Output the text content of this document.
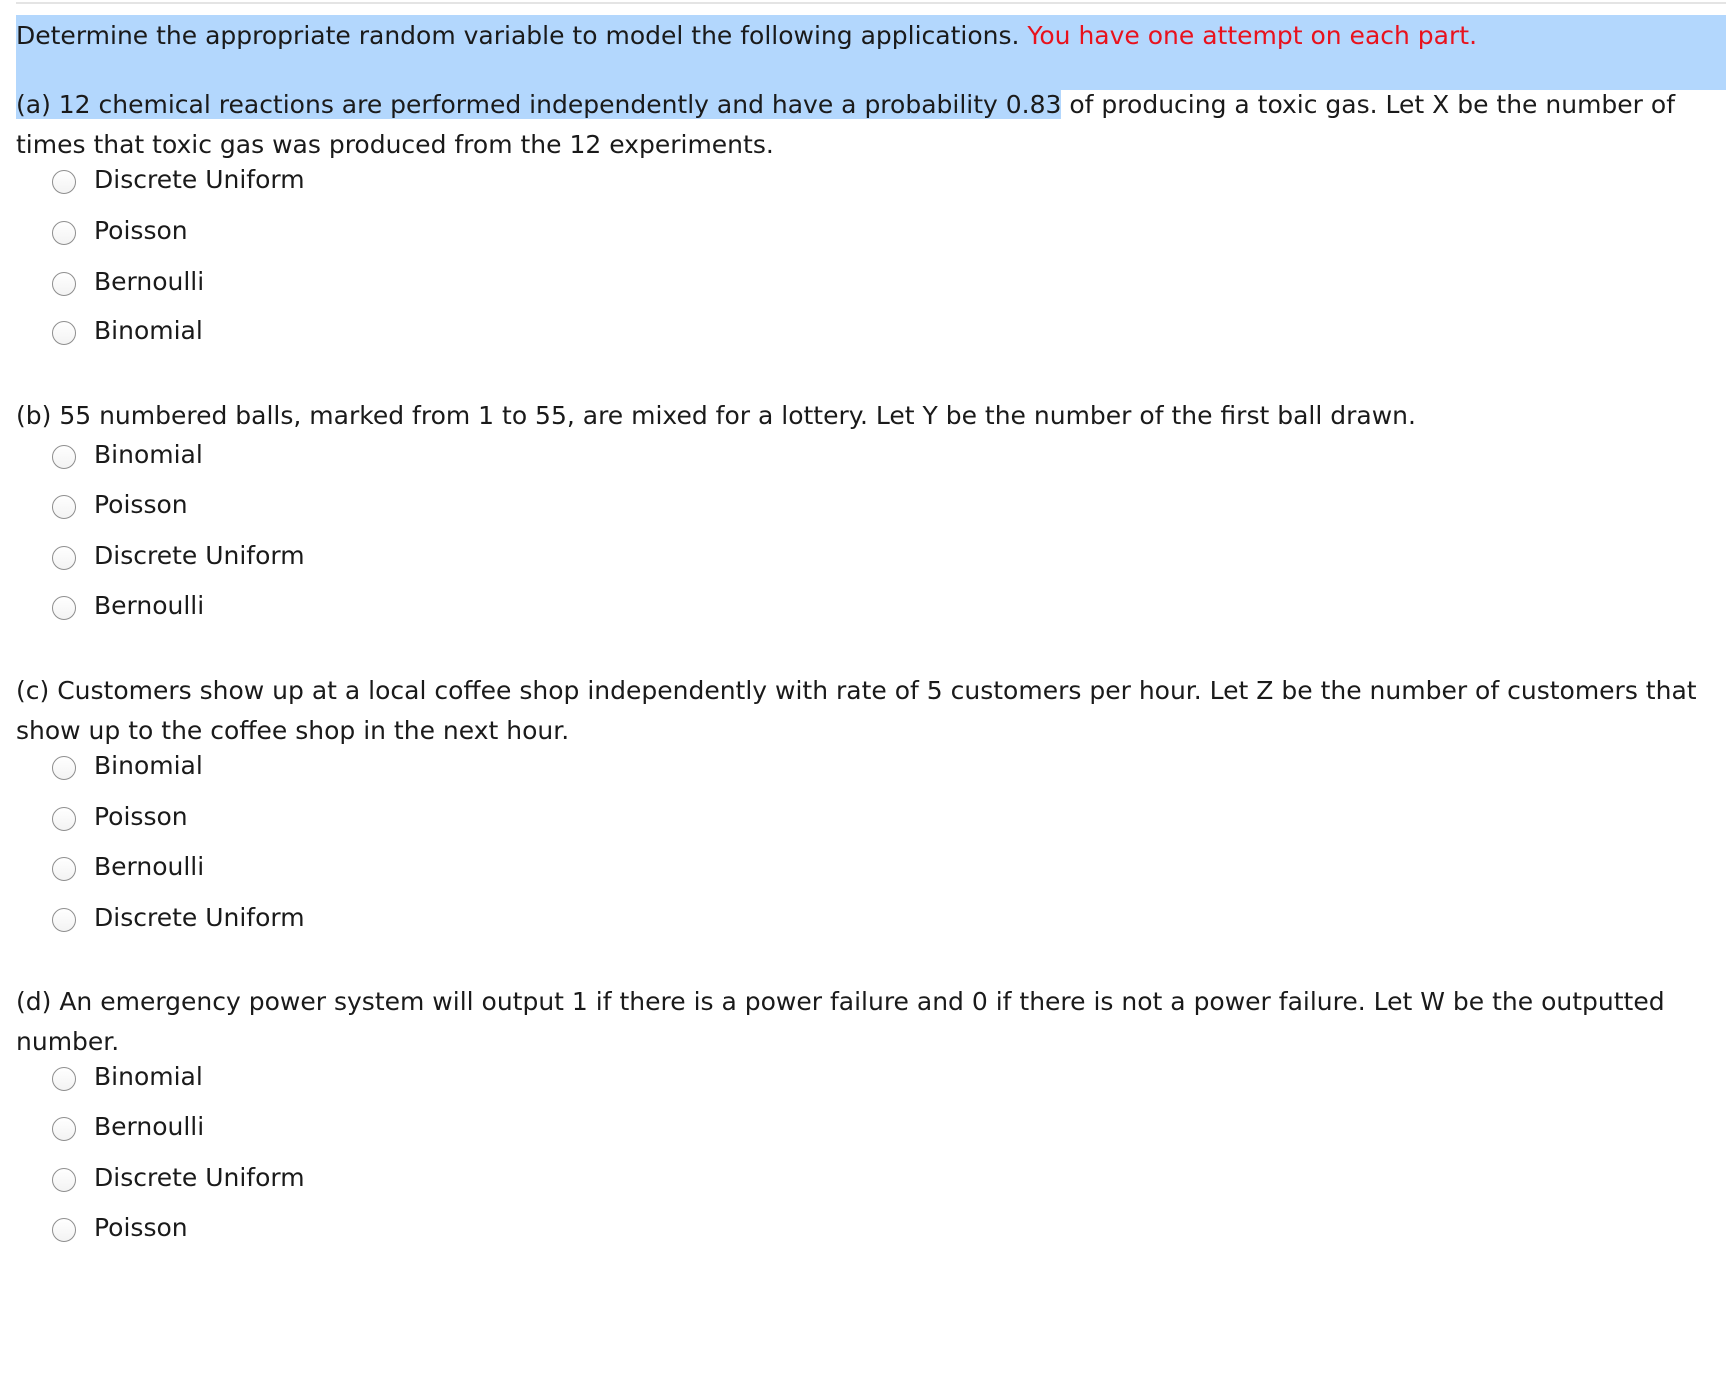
Determine the appropriate random variable to model the following applications. You have one attempt on each part.
(a) 12 chemical reactions are performed independently and have a probability 0.83 of producing a toxic gas. Let X be the number of times that toxic gas was produced from the 12 experiments.
Discrete Uniform
Poisson
Bernoulli
Binomial
(b) 55 numbered balls, marked from 1 to 55, are mixed for a lottery. Let Y be the number of the first ball drawn.
Binomial
Poisson
Discrete Uniform
Bernoulli
(c) Customers show up at a local coffee shop independently with rate of 5 customers per hour. Let Z be the number of customers that show up to the coffee shop in the next hour.
Binomial
Poisson
Bernoulli
Discrete Uniform
(d) An emergency power system will output 1 if there is a power failure and 0 if there is not a power failure. Let W be the outputted number.
Binomial
Bernoulli
Discrete Uniform
Poisson
